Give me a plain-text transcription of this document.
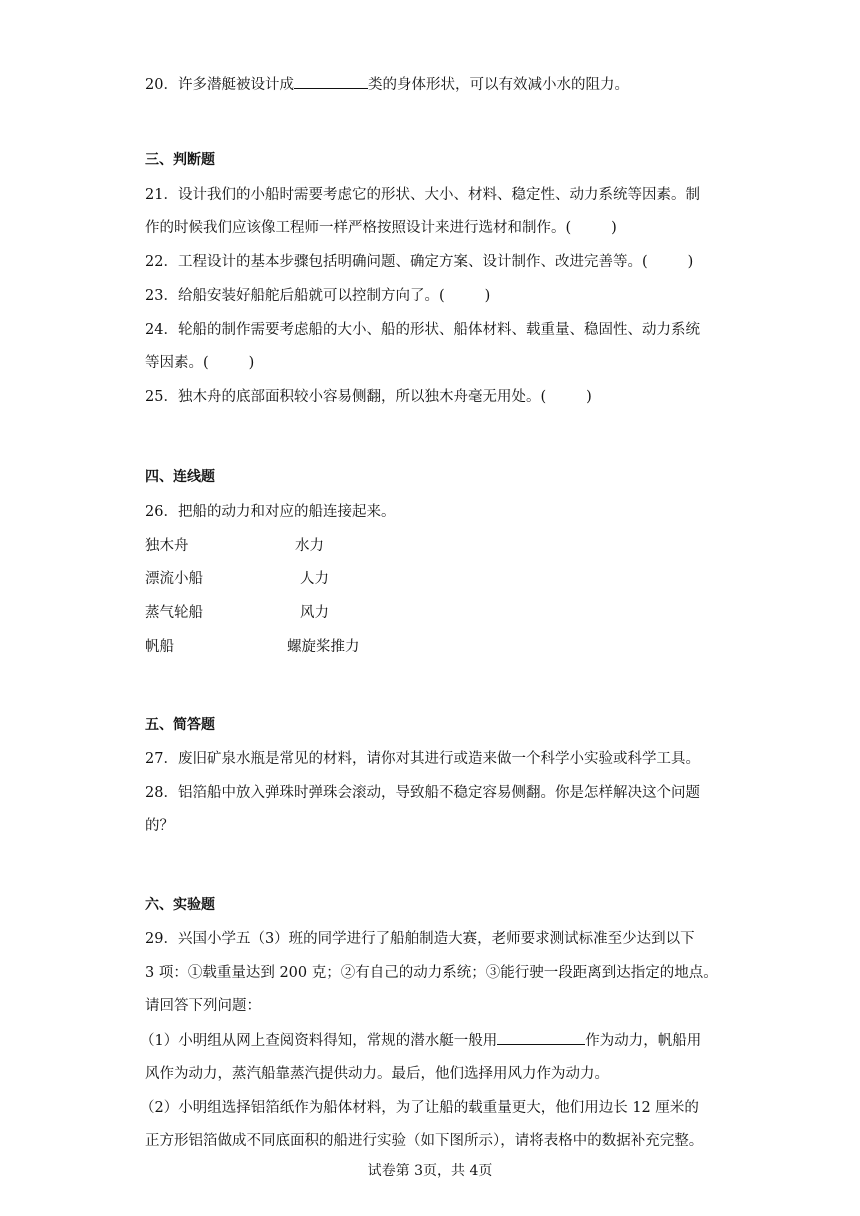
20．许多潜艇被设计成	类的身体形状，可以有效减小水的阻力。
三、判断题
21．设计我们的小船时需要考虑它的形状、大小、材料、稳定性、动力系统等因素。制
作的时候我们应该像工程师一样严格按照设计来进行选材和制作。(	)
22．工程设计的基本步骤包括明确问题、确定方案、设计制作、改进完善等。(	)
23．给船安装好船舵后船就可以控制方向了。(	)
24．轮船的制作需要考虑船的大小、船的形状、船体材料、载重量、稳固性、动力系统
等因素。(	)
25．独木舟的底部面积较小容易侧翻，所以独木舟毫无用处。(	)
四、连线题
26．把船的动力和对应的船连接起来。
独木舟	水力
漂流小船	人力
蒸气轮船	风力
帆船	螺旋桨推力
五、简答题
27．废旧矿泉水瓶是常见的材料，请你对其进行或造来做一个科学小实验或科学工具。
28．铝箔船中放入弹珠时弹珠会滚动，导致船不稳定容易侧翻。你是怎样解决这个问题
的？
六、实验题
29．兴国小学五（3）班的同学进行了船舶制造大赛，老师要求测试标准至少达到以下
3 项：①载重量达到 200 克；②有自己的动力系统；③能行驶一段距离到达指定的地点。
请回答下列问题：
（1）小明组从网上查阅资料得知，常规的潜水艇一般用	作为动力，帆船用
风作为动力，蒸汽船靠蒸汽提供动力。最后，他们选择用风力作为动力。
（2）小明组选择铝箔纸作为船体材料，为了让船的载重量更大，他们用边长 12 厘米的
正方形铝箔做成不同底面积的船进行实验（如下图所示），请将表格中的数据补充完整。
试卷第 3页，共 4页
